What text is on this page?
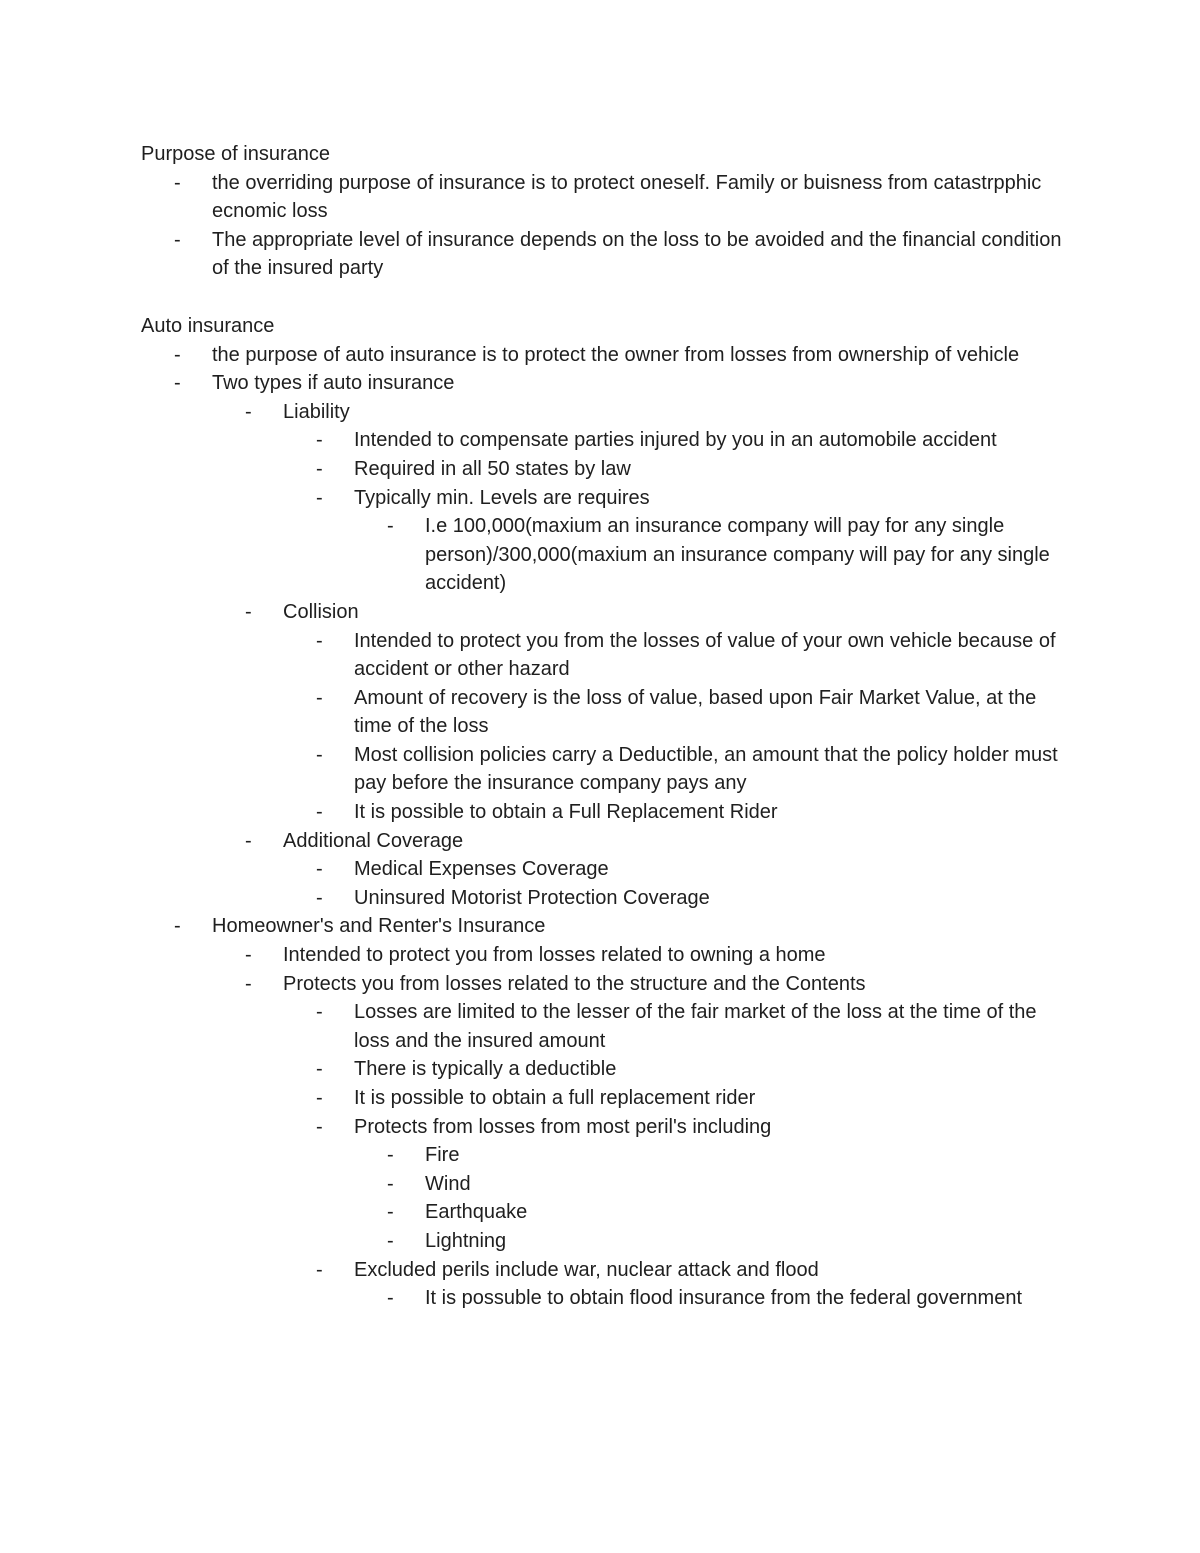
Purpose of insurance
- the overriding purpose of insurance is to protect oneself. Family or buisness from catastrpphic ecnomic loss
- The appropriate level of insurance depends on the loss to be avoided and the financial condition of the insured party
Auto insurance
- the purpose of auto insurance is to protect the owner from losses from ownership of vehicle
- Two types if auto insurance
- Liability
- Intended to compensate parties injured by you in an automobile accident
- Required in all 50 states by law
- Typically min. Levels are requires
- I.e 100,000(maxium an insurance company will pay for any single person)/300,000(maxium an insurance company will pay for any single accident)
- Collision
- Intended to protect you from the losses of value of your own vehicle because of accident or other hazard
- Amount of recovery is the loss of value, based upon Fair Market Value, at the time of the loss
- Most collision policies carry a Deductible, an amount that the policy holder must pay before the insurance company pays any
- It is possible to obtain a Full Replacement Rider
- Additional Coverage
- Medical Expenses Coverage
- Uninsured Motorist Protection Coverage
- Homeowner's and Renter's Insurance
- Intended to protect you from losses related to owning a home
- Protects you from losses related to the structure and the Contents
- Losses are limited to the lesser of the fair market of the loss at the time of the loss and the insured amount
- There is typically a deductible
- It is possible to obtain a full replacement rider
- Protects from losses from most peril's including
- Fire
- Wind
- Earthquake
- Lightning
- Excluded perils include war, nuclear attack and flood
- It is possuble to obtain flood insurance from the federal government
